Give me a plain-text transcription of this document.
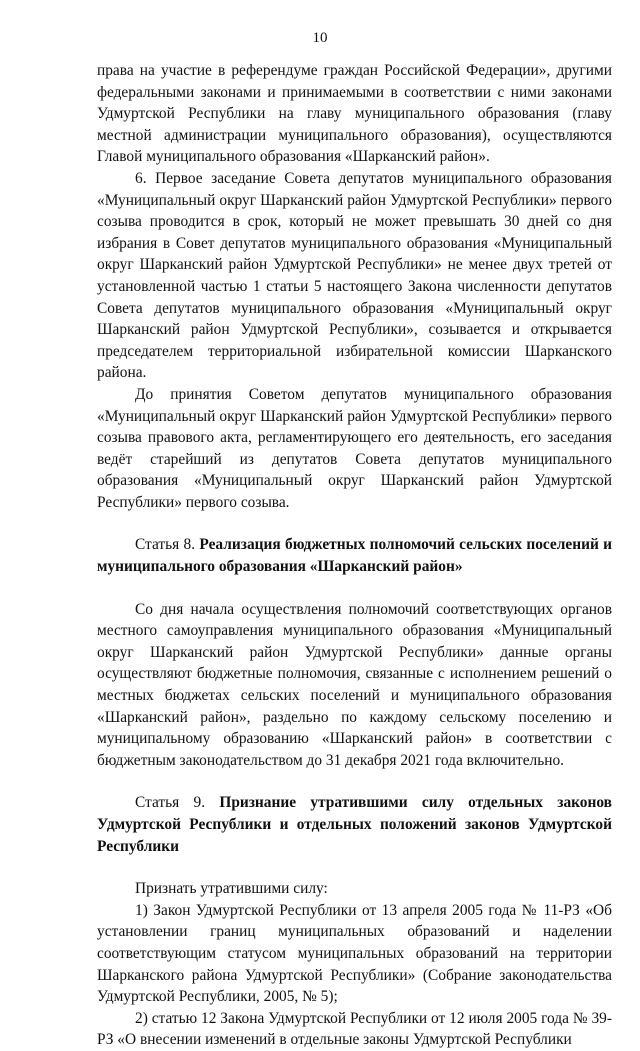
10

права на участие в референдуме граждан Российской Федерации», другими федеральными законами и принимаемыми в соответствии с ними законами Удмуртской Республики на главу муниципального образования (главу местной администрации муниципального образования), осуществляются Главой муниципального образования «Шарканский район».

6. Первое заседание Совета депутатов муниципального образования «Муниципальный округ Шарканский район Удмуртской Республики» первого созыва проводится в срок, который не может превышать 30 дней со дня избрания в Совет депутатов муниципального образования «Муниципальный округ Шарканский район Удмуртской Республики» не менее двух третей от установленной частью 1 статьи 5 настоящего Закона численности депутатов Совета депутатов муниципального образования «Муниципальный округ Шарканский район Удмуртской Республики», созывается и открывается председателем территориальной избирательной комиссии Шарканского района.

До принятия Советом депутатов муниципального образования «Муниципальный округ Шарканский район Удмуртской Республики» первого созыва правового акта, регламентирующего его деятельность, его заседания ведёт старейший из депутатов Совета депутатов муниципального образования «Муниципальный округ Шарканский район Удмуртской Республики» первого созыва.

Статья 8. Реализация бюджетных полномочий сельских поселений и муниципального образования «Шарканский район»

Со дня начала осуществления полномочий соответствующих органов местного самоуправления муниципального образования «Муниципальный округ Шарканский район Удмуртской Республики» данные органы осуществляют бюджетные полномочия, связанные с исполнением решений о местных бюджетах сельских поселений и муниципального образования «Шарканский район», раздельно по каждому сельскому поселению и муниципальному образованию «Шарканский район» в соответствии с бюджетным законодательством до 31 декабря 2021 года включительно.

Статья 9. Признание утратившими силу отдельных законов Удмуртской Республики и отдельных положений законов Удмуртской Республики

Признать утратившими силу:

1) Закон Удмуртской Республики от 13 апреля 2005 года № 11-РЗ «Об установлении границ муниципальных образований и наделении соответствующим статусом муниципальных образований на территории Шарканского района Удмуртской Республики» (Собрание законодательства Удмуртской Республики, 2005, № 5);

2) статью 12 Закона Удмуртской Республики от 12 июля 2005 года № 39-РЗ «О внесении изменений в отдельные законы Удмуртской Республики
